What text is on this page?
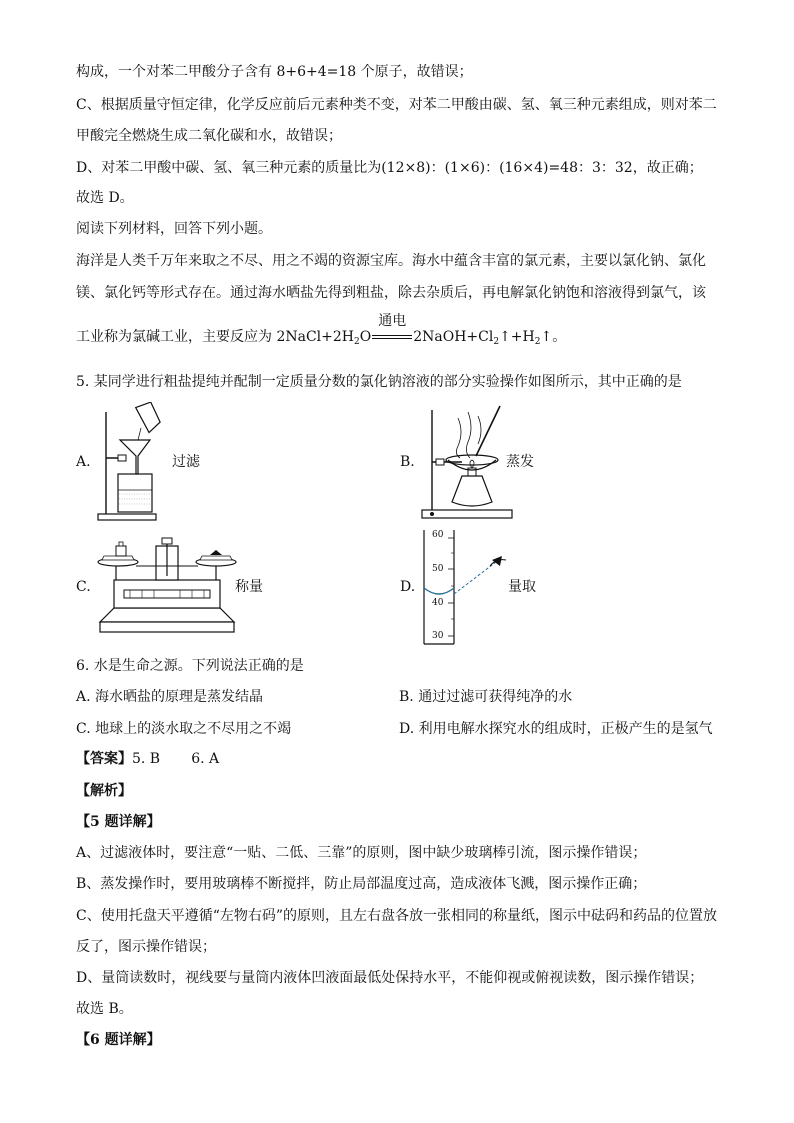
构成，一个对苯二甲酸分子含有 8+6+4=18 个原子，故错误；
C、根据质量守恒定律，化学反应前后元素种类不变，对苯二甲酸由碳、氢、氧三种元素组成，则对苯二
甲酸完全燃烧生成二氧化碳和水，故错误；
D、对苯二甲酸中碳、氢、氧三种元素的质量比为(12×8)：(1×6)：(16×4)=48：3：32，故正确；
故选 D。
阅读下列材料，回答下列小题。
海洋是人类千万年来取之不尽、用之不竭的资源宝库。海水中蕴含丰富的氯元素，主要以氯化钠、氯化
镁、氯化钙等形式存在。通过海水晒盐先得到粗盐，除去杂质后，再电解氯化钠饱和溶液得到氯气，该
工业称为氯碱工业，主要反应为 $2NaCl+2H_2O$
通电
$2NaOH+Cl_2↑+H_2↑$。
5. 某同学进行粗盐提纯并配制一定质量分数的氯化钠溶液的部分实验操作如图所示，其中正确的是
A.	过滤	B.	蒸发
C.	称量	D.
60
50
40
30
量取
6. 水是生命之源。下列说法正确的是
A. 海水晒盐的原理是蒸发结晶	B. 通过过滤可获得纯净的水
C. 地球上的淡水取之不尽用之不竭	D. 利用电解水探究水的组成时，正极产生的是氢气
【答案】5. B       6. A
【解析】
【5 题详解】
A、过滤液体时，要注意“一贴、二低、三靠”的原则，图中缺少玻璃棒引流，图示操作错误；
B、蒸发操作时，要用玻璃棒不断搅拌，防止局部温度过高，造成液体飞溅，图示操作正确；
C、使用托盘天平遵循“左物右码”的原则，且左右盘各放一张相同的称量纸，图示中砝码和药品的位置放
反了，图示操作错误；
D、量筒读数时，视线要与量筒内液体凹液面最低处保持水平，不能仰视或俯视读数，图示操作错误；
故选 B。
【6 题详解】
